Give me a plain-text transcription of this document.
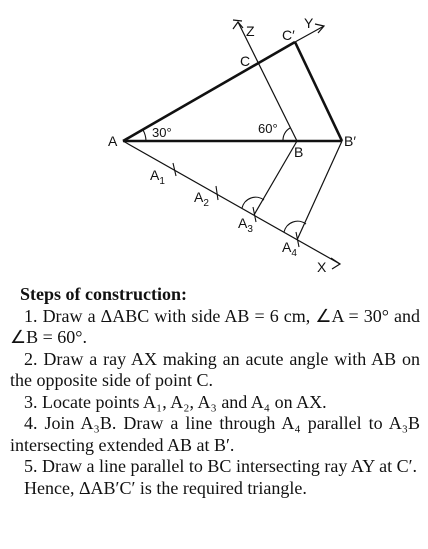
A
B
C
B′
C′
Y
Z
X
$A_1$
$A_2$
$A_3$
$A_4$
30°	60°
Steps of construction:
1. Draw a ΔABC with side AB = 6 cm, ∠A = 30° and ∠B = 60°.
2. Draw a ray AX making an acute angle with AB on the opposite side of point C.
3. Locate points A₁, A₂, A₃ and A₄ on AX.
4. Join A₃B. Draw a line through A₄ parallel to A₃B intersecting extended AB at B′.
5. Draw a line parallel to BC intersecting ray AY at C′.
Hence, ΔAB′C′ is the required triangle.
